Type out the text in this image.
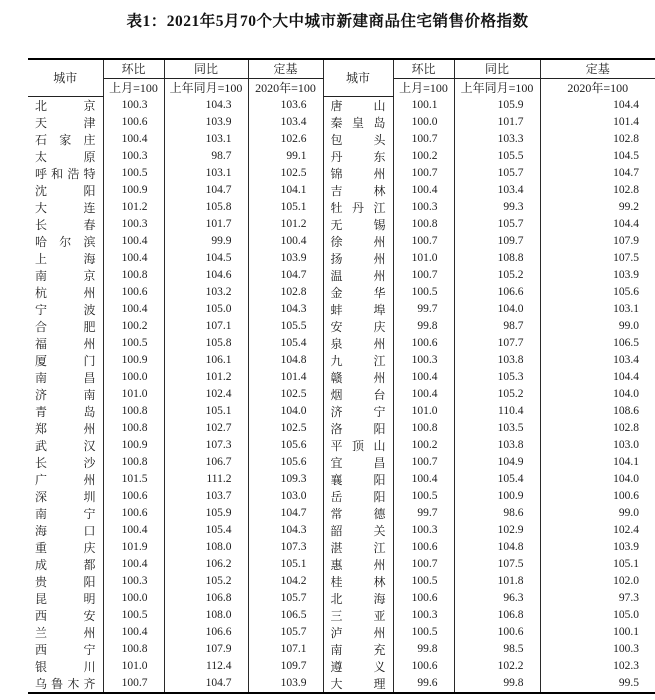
表1：2021年5月70个大中城市新建商品住宅销售价格指数
城市	环比	同比	定基	城市	环比	同比	定基
	上月=100	上年同月=100	2020年=100		上月=100	上年同月=100	2020年=100
北京	100.3	104.3	103.6	唐山	100.1	105.9	104.4
天津	100.6	103.9	103.4	秦皇岛	100.0	101.7	101.4
石家庄	100.4	103.1	102.6	包头	100.7	103.3	102.8
太原	100.3	98.7	99.1	丹东	100.2	105.5	104.5
呼和浩特	100.5	103.1	102.5	锦州	100.7	105.7	104.7
沈阳	100.9	104.7	104.1	吉林	100.4	103.4	102.8
大连	101.2	105.8	105.1	牡丹江	100.3	99.3	99.2
长春	100.3	101.7	101.2	无锡	100.8	105.7	104.4
哈尔滨	100.4	99.9	100.4	徐州	100.7	109.7	107.9
上海	100.4	104.5	103.9	扬州	101.0	108.8	107.5
南京	100.8	104.6	104.7	温州	100.7	105.2	103.9
杭州	100.6	103.2	102.8	金华	100.5	106.6	105.6
宁波	100.4	105.0	104.3	蚌埠	99.7	104.0	103.1
合肥	100.2	107.1	105.5	安庆	99.8	98.7	99.0
福州	100.5	105.8	105.4	泉州	100.6	107.7	106.5
厦门	100.9	106.1	104.8	九江	100.3	103.8	103.4
南昌	100.0	101.2	101.4	赣州	100.4	105.3	104.4
济南	101.0	102.4	102.5	烟台	100.4	105.2	104.0
青岛	100.8	105.1	104.0	济宁	101.0	110.4	108.6
郑州	100.8	102.7	102.5	洛阳	100.8	103.5	102.8
武汉	100.9	107.3	105.6	平顶山	100.2	103.8	103.0
长沙	100.8	106.7	105.6	宜昌	100.7	104.9	104.1
广州	101.5	111.2	109.3	襄阳	100.4	105.4	104.0
深圳	100.6	103.7	103.0	岳阳	100.5	100.9	100.6
南宁	100.6	105.9	104.7	常德	99.7	98.6	99.0
海口	100.4	105.4	104.3	韶关	100.3	102.9	102.4
重庆	101.9	108.0	107.3	湛江	100.6	104.8	103.9
成都	100.4	106.2	105.1	惠州	100.7	107.5	105.1
贵阳	100.3	105.2	104.2	桂林	100.5	101.8	102.0
昆明	100.0	106.8	105.7	北海	100.6	96.3	97.3
西安	100.5	108.0	106.5	三亚	100.3	106.8	105.0
兰州	100.4	106.6	105.7	泸州	100.5	100.6	100.1
西宁	100.8	107.9	107.1	南充	99.8	98.5	100.3
银川	101.0	112.4	109.7	遵义	100.6	102.2	102.3
乌鲁木齐	100.7	104.7	103.9	大理	99.6	99.8	99.5
